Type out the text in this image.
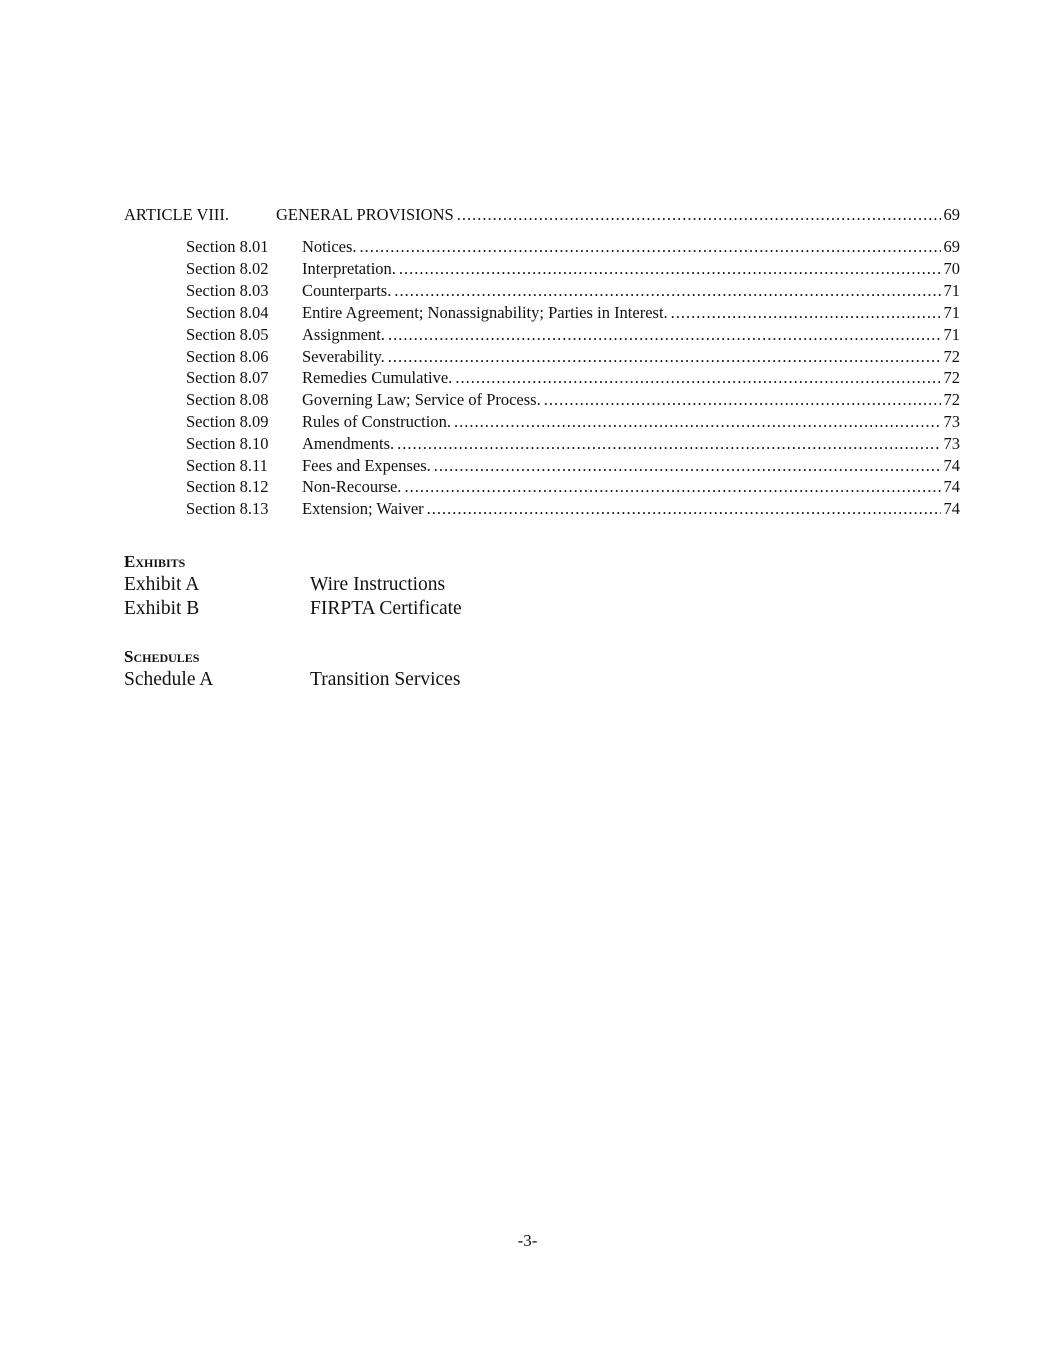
ARTICLE VIII.	GENERAL PROVISIONS .....	69
Section 8.01	Notices. .....	69
Section 8.02	Interpretation. .....	70
Section 8.03	Counterparts. .....	71
Section 8.04	Entire Agreement; Nonassignability; Parties in Interest. .....	71
Section 8.05	Assignment. .....	71
Section 8.06	Severability. .....	72
Section 8.07	Remedies Cumulative. .....	72
Section 8.08	Governing Law; Service of Process. .....	72
Section 8.09	Rules of Construction. .....	73
Section 8.10	Amendments. .....	73
Section 8.11	Fees and Expenses. .....	74
Section 8.12	Non-Recourse. .....	74
Section 8.13	Extension; Waiver .....	74
Exhibits
Exhibit A	Wire Instructions
Exhibit B	FIRPTA Certificate
Schedules
Schedule A	Transition Services
-3-
